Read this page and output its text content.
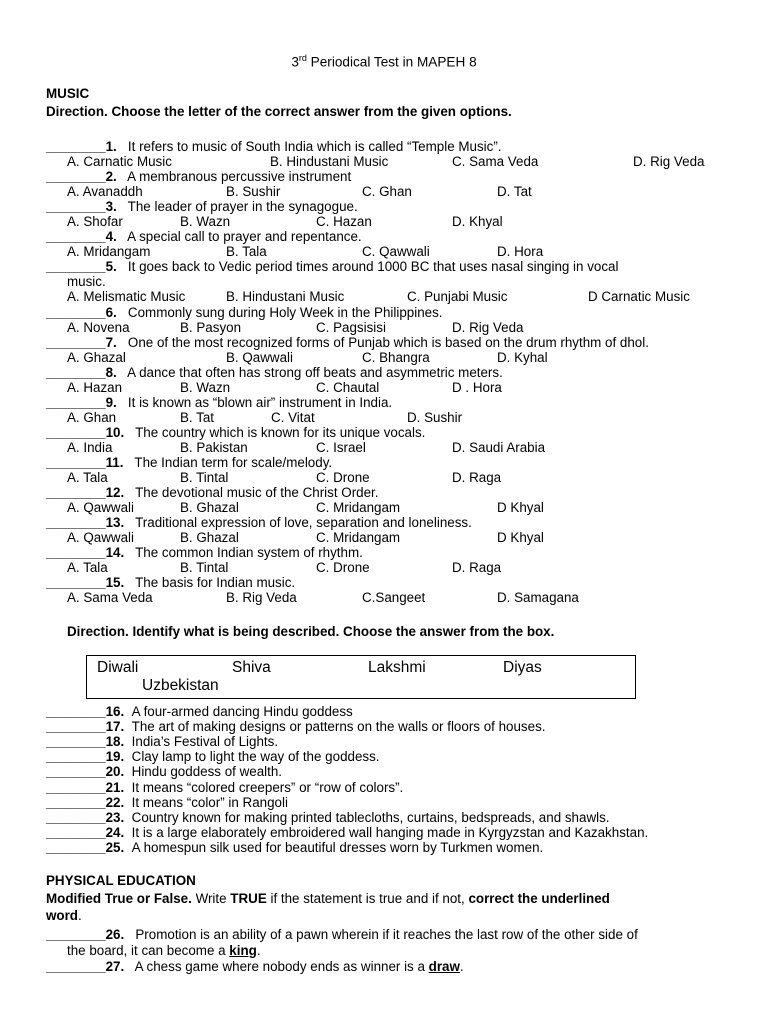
3rd Periodical Test in MAPEH 8
MUSIC
Direction. Choose the letter of the correct answer from the given options.
________1. It refers to music of South India which is called “Temple Music”.
A. Carnatic Music	B. Hindustani Music	C. Sama Veda	D. Rig Veda
________2. A membranous percussive instrument
A. Avanaddh	B. Sushir	C. Ghan	D. Tat
________3. The leader of prayer in the synagogue.
A. Shofar	B. Wazn	C. Hazan	D. Khyal
________4. A special call to prayer and repentance.
A. Mridangam	B. Tala	C. Qawwali	D. Hora
________5. It goes back to Vedic period times around 1000 BC that uses nasal singing in vocal
music.
A. Melismatic Music	B. Hindustani Music	C. Punjabi Music	D Carnatic Music
________6. Commonly sung during Holy Week in the Philippines.
A. Novena	B. Pasyon	C. Pagsisisi	D. Rig Veda
________7. One of the most recognized forms of Punjab which is based on the drum rhythm of dhol.
A. Ghazal	B. Qawwali	C. Bhangra	D. Kyhal
________8. A dance that often has strong off beats and asymmetric meters.
A. Hazan	B. Wazn	C. Chautal	D . Hora
________9. It is known as “blown air” instrument in India.
A. Ghan	B. Tat	C. Vitat	D. Sushir
________10. The country which is known for its unique vocals.
A. India	B. Pakistan	C. Israel	D. Saudi Arabia
________11. The Indian term for scale/melody.
A. Tala	B. Tintal	C. Drone	D. Raga
________12. The devotional music of the Christ Order.
A. Qawwali	B. Ghazal	C. Mridangam	D Khyal
________13. Traditional expression of love, separation and loneliness.
A. Qawwali	B. Ghazal	C. Mridangam	D Khyal
________14. The common Indian system of rhythm.
A. Tala	B. Tintal	C. Drone	D. Raga
________15. The basis for Indian music.
A. Sama Veda	B. Rig Veda	C.Sangeet	D. Samagana
Direction. Identify what is being described. Choose the answer from the box.
Diwali	Shiva	Lakshmi	Diyas
Uzbekistan
________16. A four-armed dancing Hindu goddess
________17. The art of making designs or patterns on the walls or floors of houses.
________18. India’s Festival of Lights.
________19. Clay lamp to light the way of the goddess.
________20. Hindu goddess of wealth.
________21. It means “colored creepers” or “row of colors”.
________22. It means “color” in Rangoli
________23. Country known for making printed tablecloths, curtains, bedspreads, and shawls.
________24. It is a large elaborately embroidered wall hanging made in Kyrgyzstan and Kazakhstan.
________25. A homespun silk used for beautiful dresses worn by Turkmen women.
PHYSICAL EDUCATION
Modified True or False. Write TRUE if the statement is true and if not, correct the underlined
word.
________26. Promotion is an ability of a pawn wherein if it reaches the last row of the other side of
the board, it can become a king.
________27. A chess game where nobody ends as winner is a draw.
